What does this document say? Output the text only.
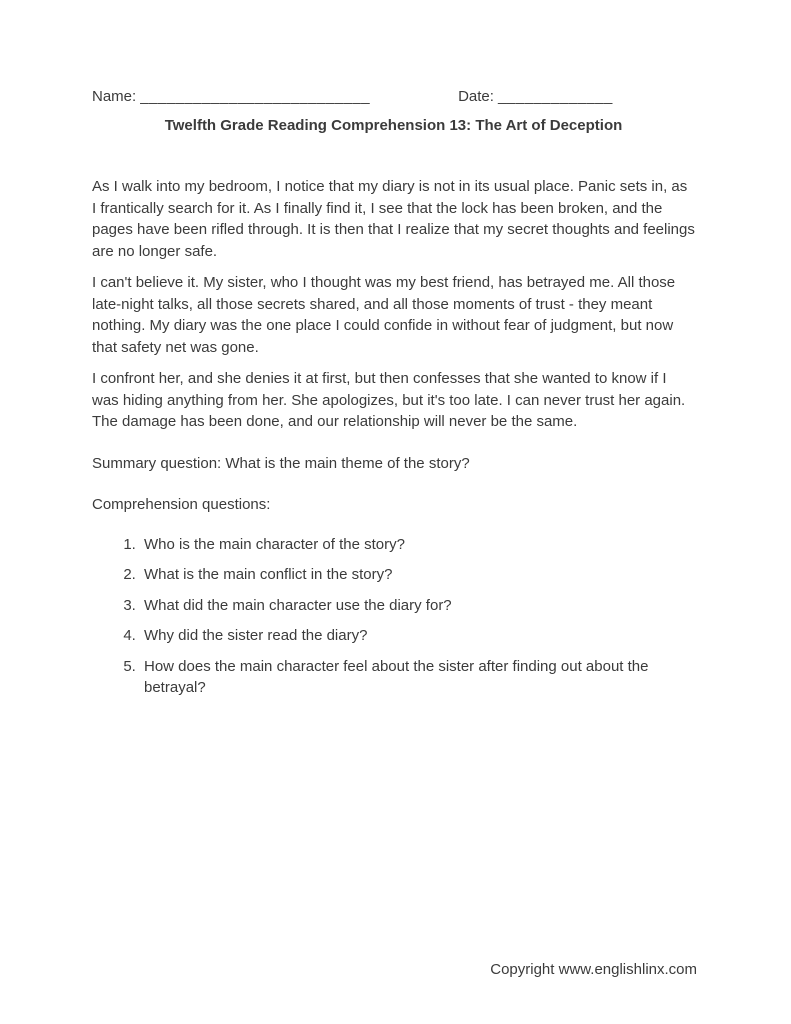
Name: __________________________	Date: _____________
Twelfth Grade Reading Comprehension 13: The Art of Deception

As I walk into my bedroom, I notice that my diary is not in its usual place. Panic sets in, as I frantically search for it. As I finally find it, I see that the lock has been broken, and the pages have been rifled through. It is then that I realize that my secret thoughts and feelings are no longer safe.

I can't believe it. My sister, who I thought was my best friend, has betrayed me. All those late-night talks, all those secrets shared, and all those moments of trust - they meant nothing. My diary was the one place I could confide in without fear of judgment, but now that safety net was gone.

I confront her, and she denies it at first, but then confesses that she wanted to know if I was hiding anything from her. She apologizes, but it's too late. I can never trust her again. The damage has been done, and our relationship will never be the same.

Summary question: What is the main theme of the story?

Comprehension questions:

1. Who is the main character of the story?
2. What is the main conflict in the story?
3. What did the main character use the diary for?
4. Why did the sister read the diary?
5. How does the main character feel about the sister after finding out about the betrayal?
Copyright www.englishlinx.com
